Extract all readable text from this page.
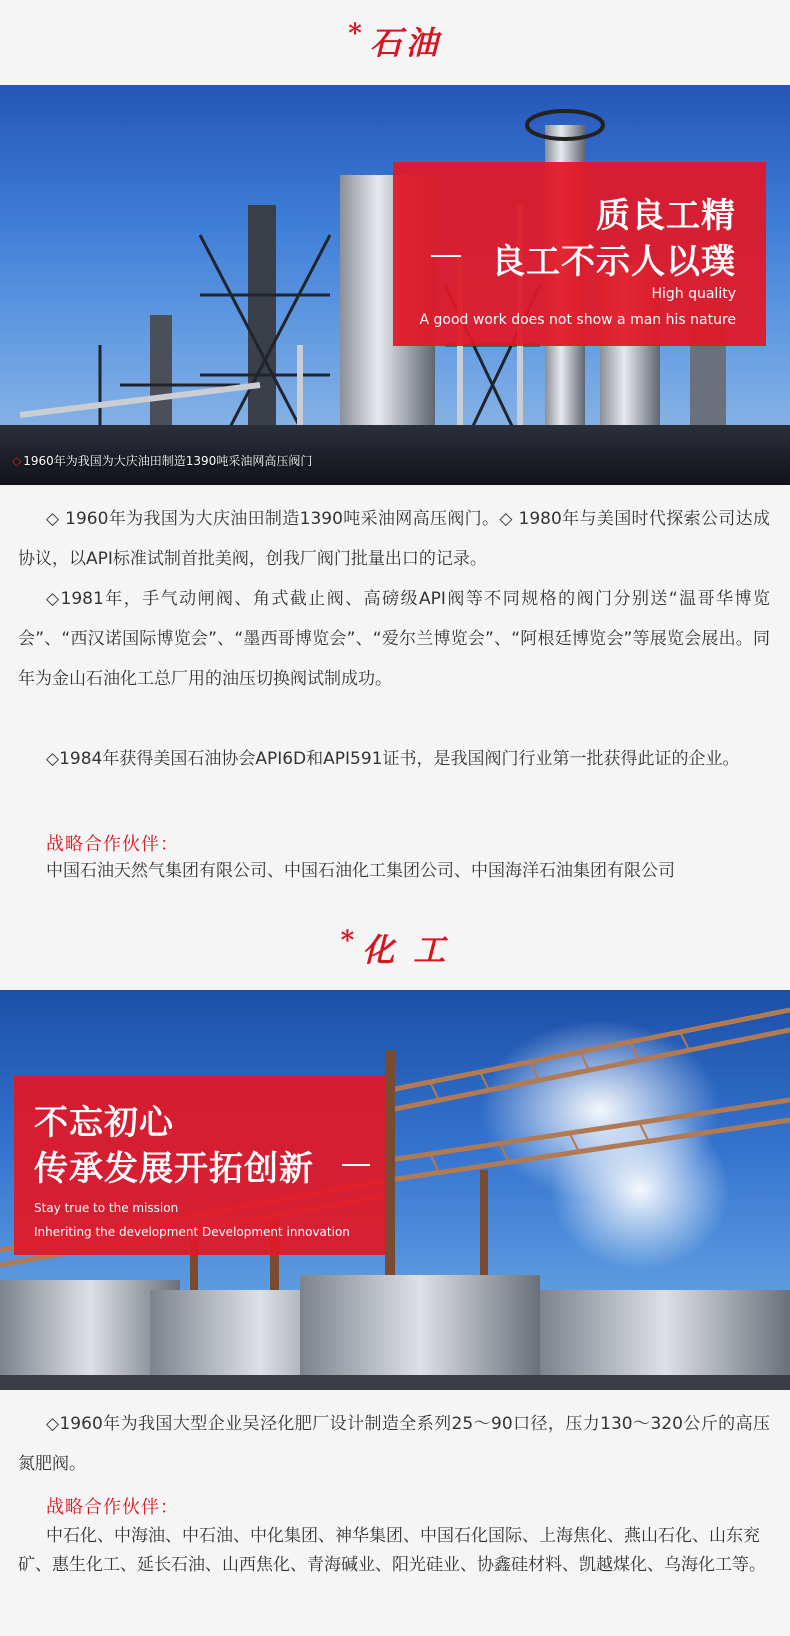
* 石油
质良工精
良工不示人以璞
High quality
A good work does not show a man his nature
◇ 1960年为我国为大庆油田制造1390吨采油网高压阀门

◇ 1960年为我国为大庆油田制造1390吨采油网高压阀门。◇ 1980年与美国时代探索公司达成协议，以API标准试制首批美阀，创我厂阀门批量出口的记录。

◇1981年，手气动闸阀、角式截止阀、高磅级API阀等不同规格的阀门分别送“温哥华博览会”、“西汉诺国际博览会”、“墨西哥博览会”、“爱尔兰博览会”、“阿根廷博览会”等展览会展出。同年为金山石油化工总厂用的油压切换阀试制成功。

◇1984年获得美国石油协会API6D和API591证书，是我国阀门行业第一批获得此证的企业。

战略合作伙伴：

中国石油天然气集团有限公司、中国石油化工集团公司、中国海洋石油集团有限公司

* 化 工
不忘初心
传承发展开拓创新
Stay true to the mission
Inheriting the development Development innovation

◇1960年为我国大型企业吴泾化肥厂设计制造全系列25～90口径，压力130～320公斤的高压氮肥阀。

战略合作伙伴：

中石化、中海油、中石油、中化集团、神华集团、中国石化国际、上海焦化、燕山石化、山东兖矿、惠生化工、延长石油、山西焦化、青海碱业、阳光硅业、协鑫硅材料、凯越煤化、乌海化工等。
